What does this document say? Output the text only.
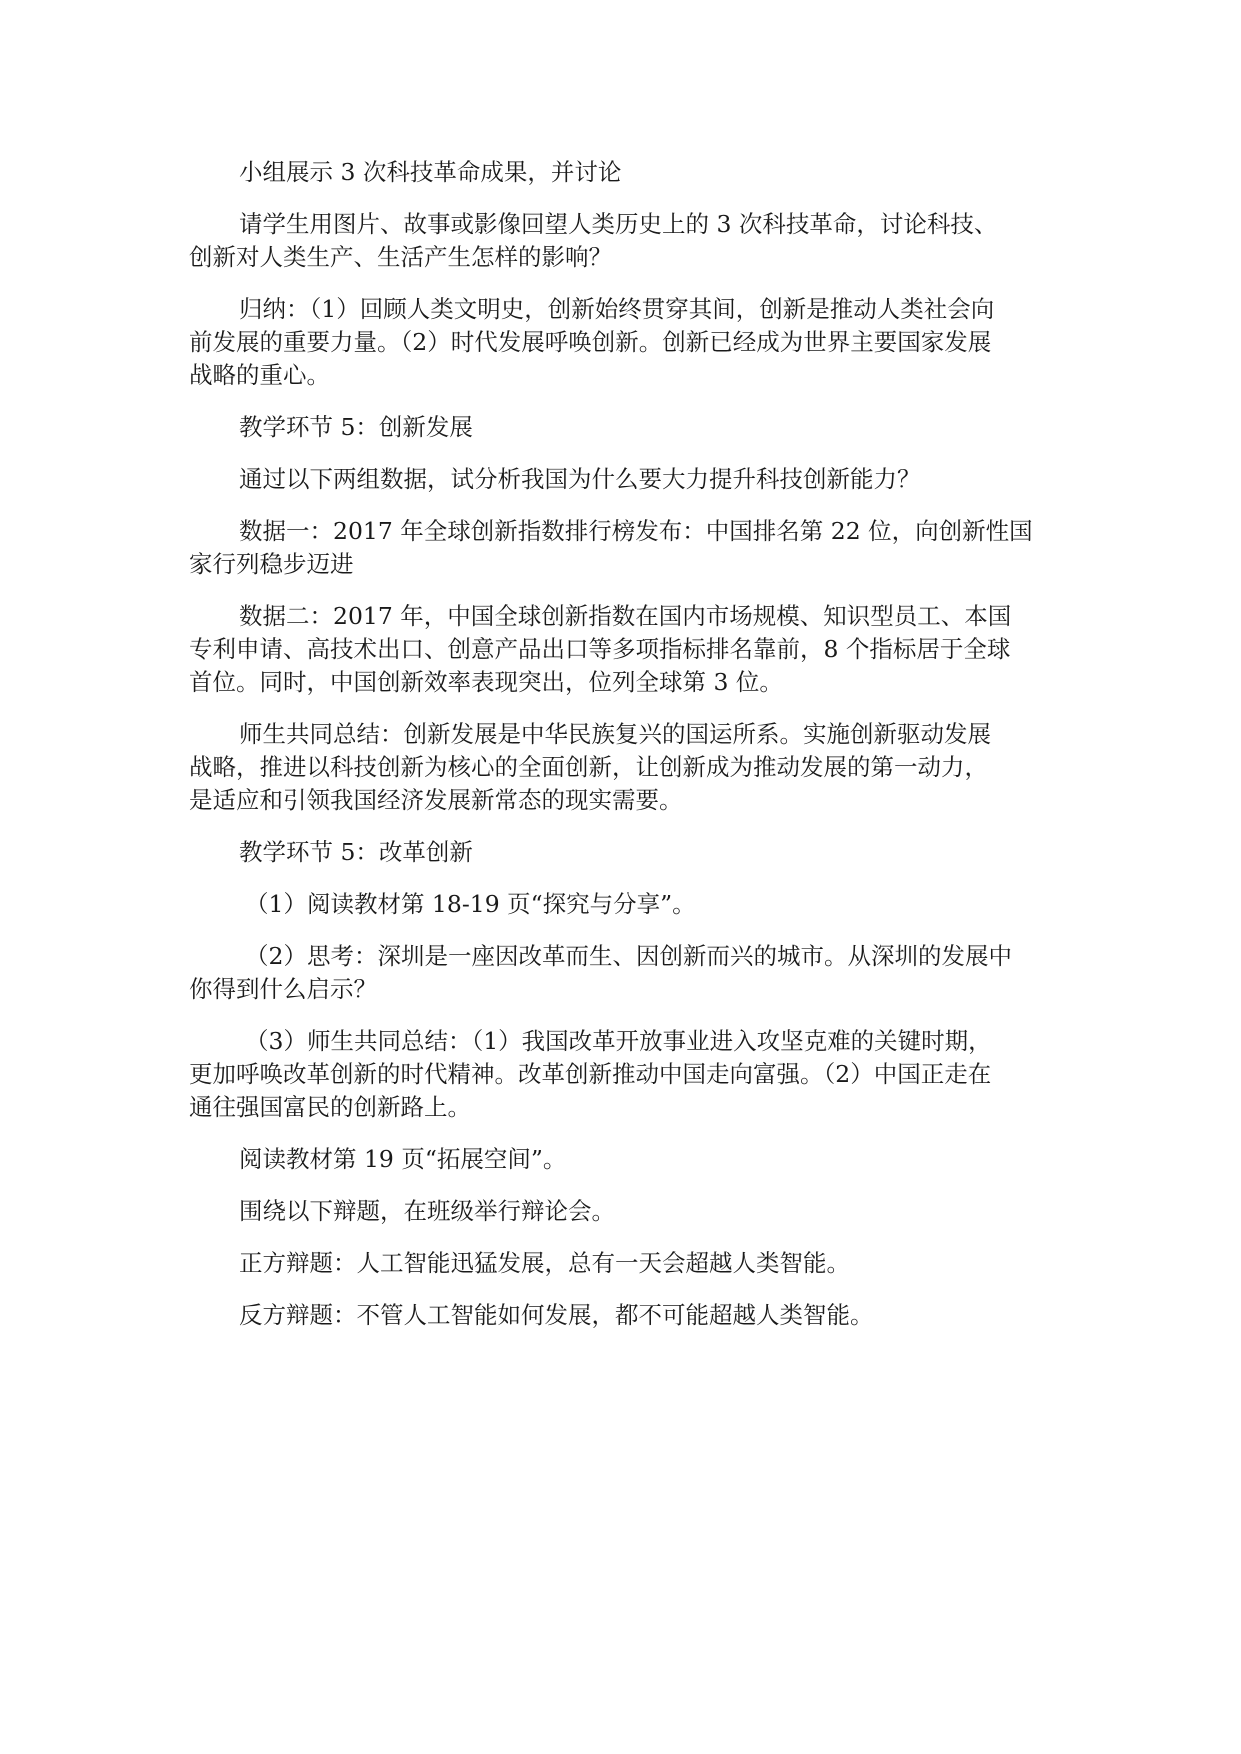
小组展示 3 次科技革命成果，并讨论
请学生用图片、故事或影像回望人类历史上的 3 次科技革命，讨论科技、
创新对人类生产、生活产生怎样的影响？
归纳：（1）回顾人类文明史，创新始终贯穿其间，创新是推动人类社会向
前发展的重要力量。（2）时代发展呼唤创新。创新已经成为世界主要国家发展
战略的重心。
教学环节 5：创新发展
通过以下两组数据，试分析我国为什么要大力提升科技创新能力？
数据一：2017 年全球创新指数排行榜发布：中国排名第 22 位，向创新性国
家行列稳步迈进
数据二：2017 年，中国全球创新指数在国内市场规模、知识型员工、本国
专利申请、高技术出口、创意产品出口等多项指标排名靠前，8 个指标居于全球
首位。同时，中国创新效率表现突出，位列全球第 3 位。
师生共同总结：创新发展是中华民族复兴的国运所系。实施创新驱动发展
战略，推进以科技创新为核心的全面创新，让创新成为推动发展的第一动力，
是适应和引领我国经济发展新常态的现实需要。
教学环节 5：改革创新
（1）阅读教材第 18-19 页“探究与分享”。
（2）思考：深圳是一座因改革而生、因创新而兴的城市。从深圳的发展中
你得到什么启示？
（3）师生共同总结：（1）我国改革开放事业进入攻坚克难的关键时期，
更加呼唤改革创新的时代精神。改革创新推动中国走向富强。（2）中国正走在
通往强国富民的创新路上。
阅读教材第 19 页“拓展空间”。
围绕以下辩题，在班级举行辩论会。
正方辩题：人工智能迅猛发展，总有一天会超越人类智能。
反方辩题：不管人工智能如何发展，都不可能超越人类智能。
